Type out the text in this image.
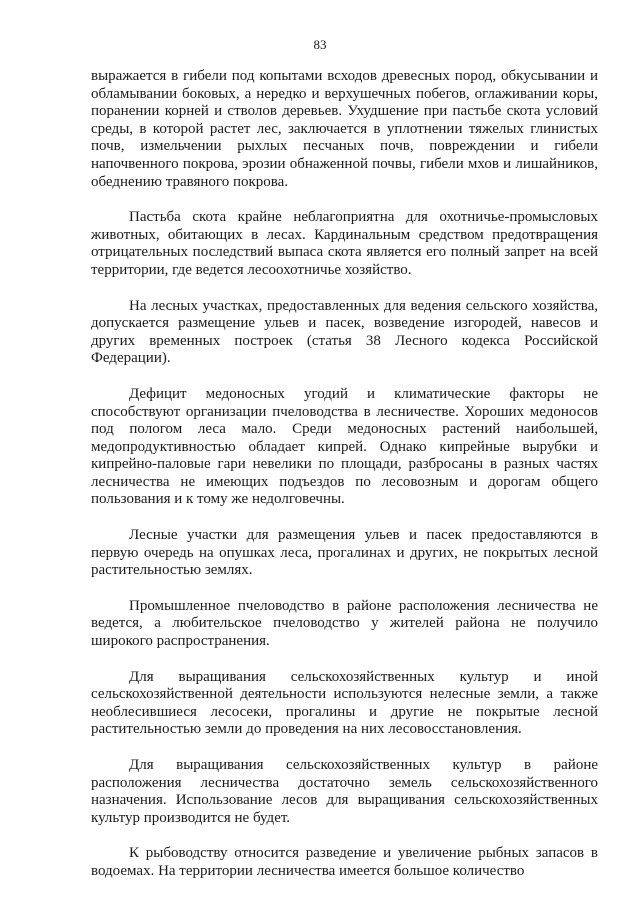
83

выражается в гибели под копытами всходов древесных пород, обкусывании и обламывании боковых, а нередко и верхушечных побегов, оглаживании коры, поранении корней и стволов деревьев. Ухудшение при пастьбе скота условий среды, в которой растет лес, заключается в уплотнении тяжелых глинистых почв, измельчении рыхлых песчаных почв, повреждении и гибели напочвенного покрова, эрозии обнаженной почвы, гибели мхов и лишайников, обеднению травяного покрова.

Пастьба скота крайне неблагоприятна для охотничье-промысловых животных, обитающих в лесах. Кардинальным средством предотвращения отрицательных последствий выпаса скота является его полный запрет на всей территории, где ведется лесоохотничье хозяйство.

На лесных участках, предоставленных для ведения сельского хозяйства, допускается размещение ульев и пасек, возведение изгородей, навесов и других временных построек (статья 38 Лесного кодекса Российской Федерации).

Дефицит медоносных угодий и климатические факторы не способствуют организации пчеловодства в лесничестве. Хороших медоносов под пологом леса мало. Среди медоносных растений наибольшей, медопродуктивностью обладает кипрей. Однако кипрейные вырубки и кипрейно-паловые гари невелики по площади, разбросаны в разных частях лесничества не имеющих подъездов по лесовозным и дорогам общего пользования и к тому же недолговечны.

Лесные участки для размещения ульев и пасек предоставляются в первую очередь на опушках леса, прогалинах и других, не покрытых лесной растительностью землях.

Промышленное пчеловодство в районе расположения лесничества не ведется, а любительское пчеловодство у жителей района не получило широкого распространения.

Для выращивания сельскохозяйственных культур и иной сельскохозяйственной деятельности используются нелесные земли, а также необлесившиеся лесосеки, прогалины и другие не покрытые лесной растительностью земли до проведения на них лесовосстановления.

Для выращивания сельскохозяйственных культур в районе расположения лесничества достаточно земель сельскохозяйственного назначения. Использование лесов для выращивания сельскохозяйственных культур производится не будет.

К рыбоводству относится разведение и увеличение рыбных запасов в водоемах. На территории лесничества имеется большое количество
